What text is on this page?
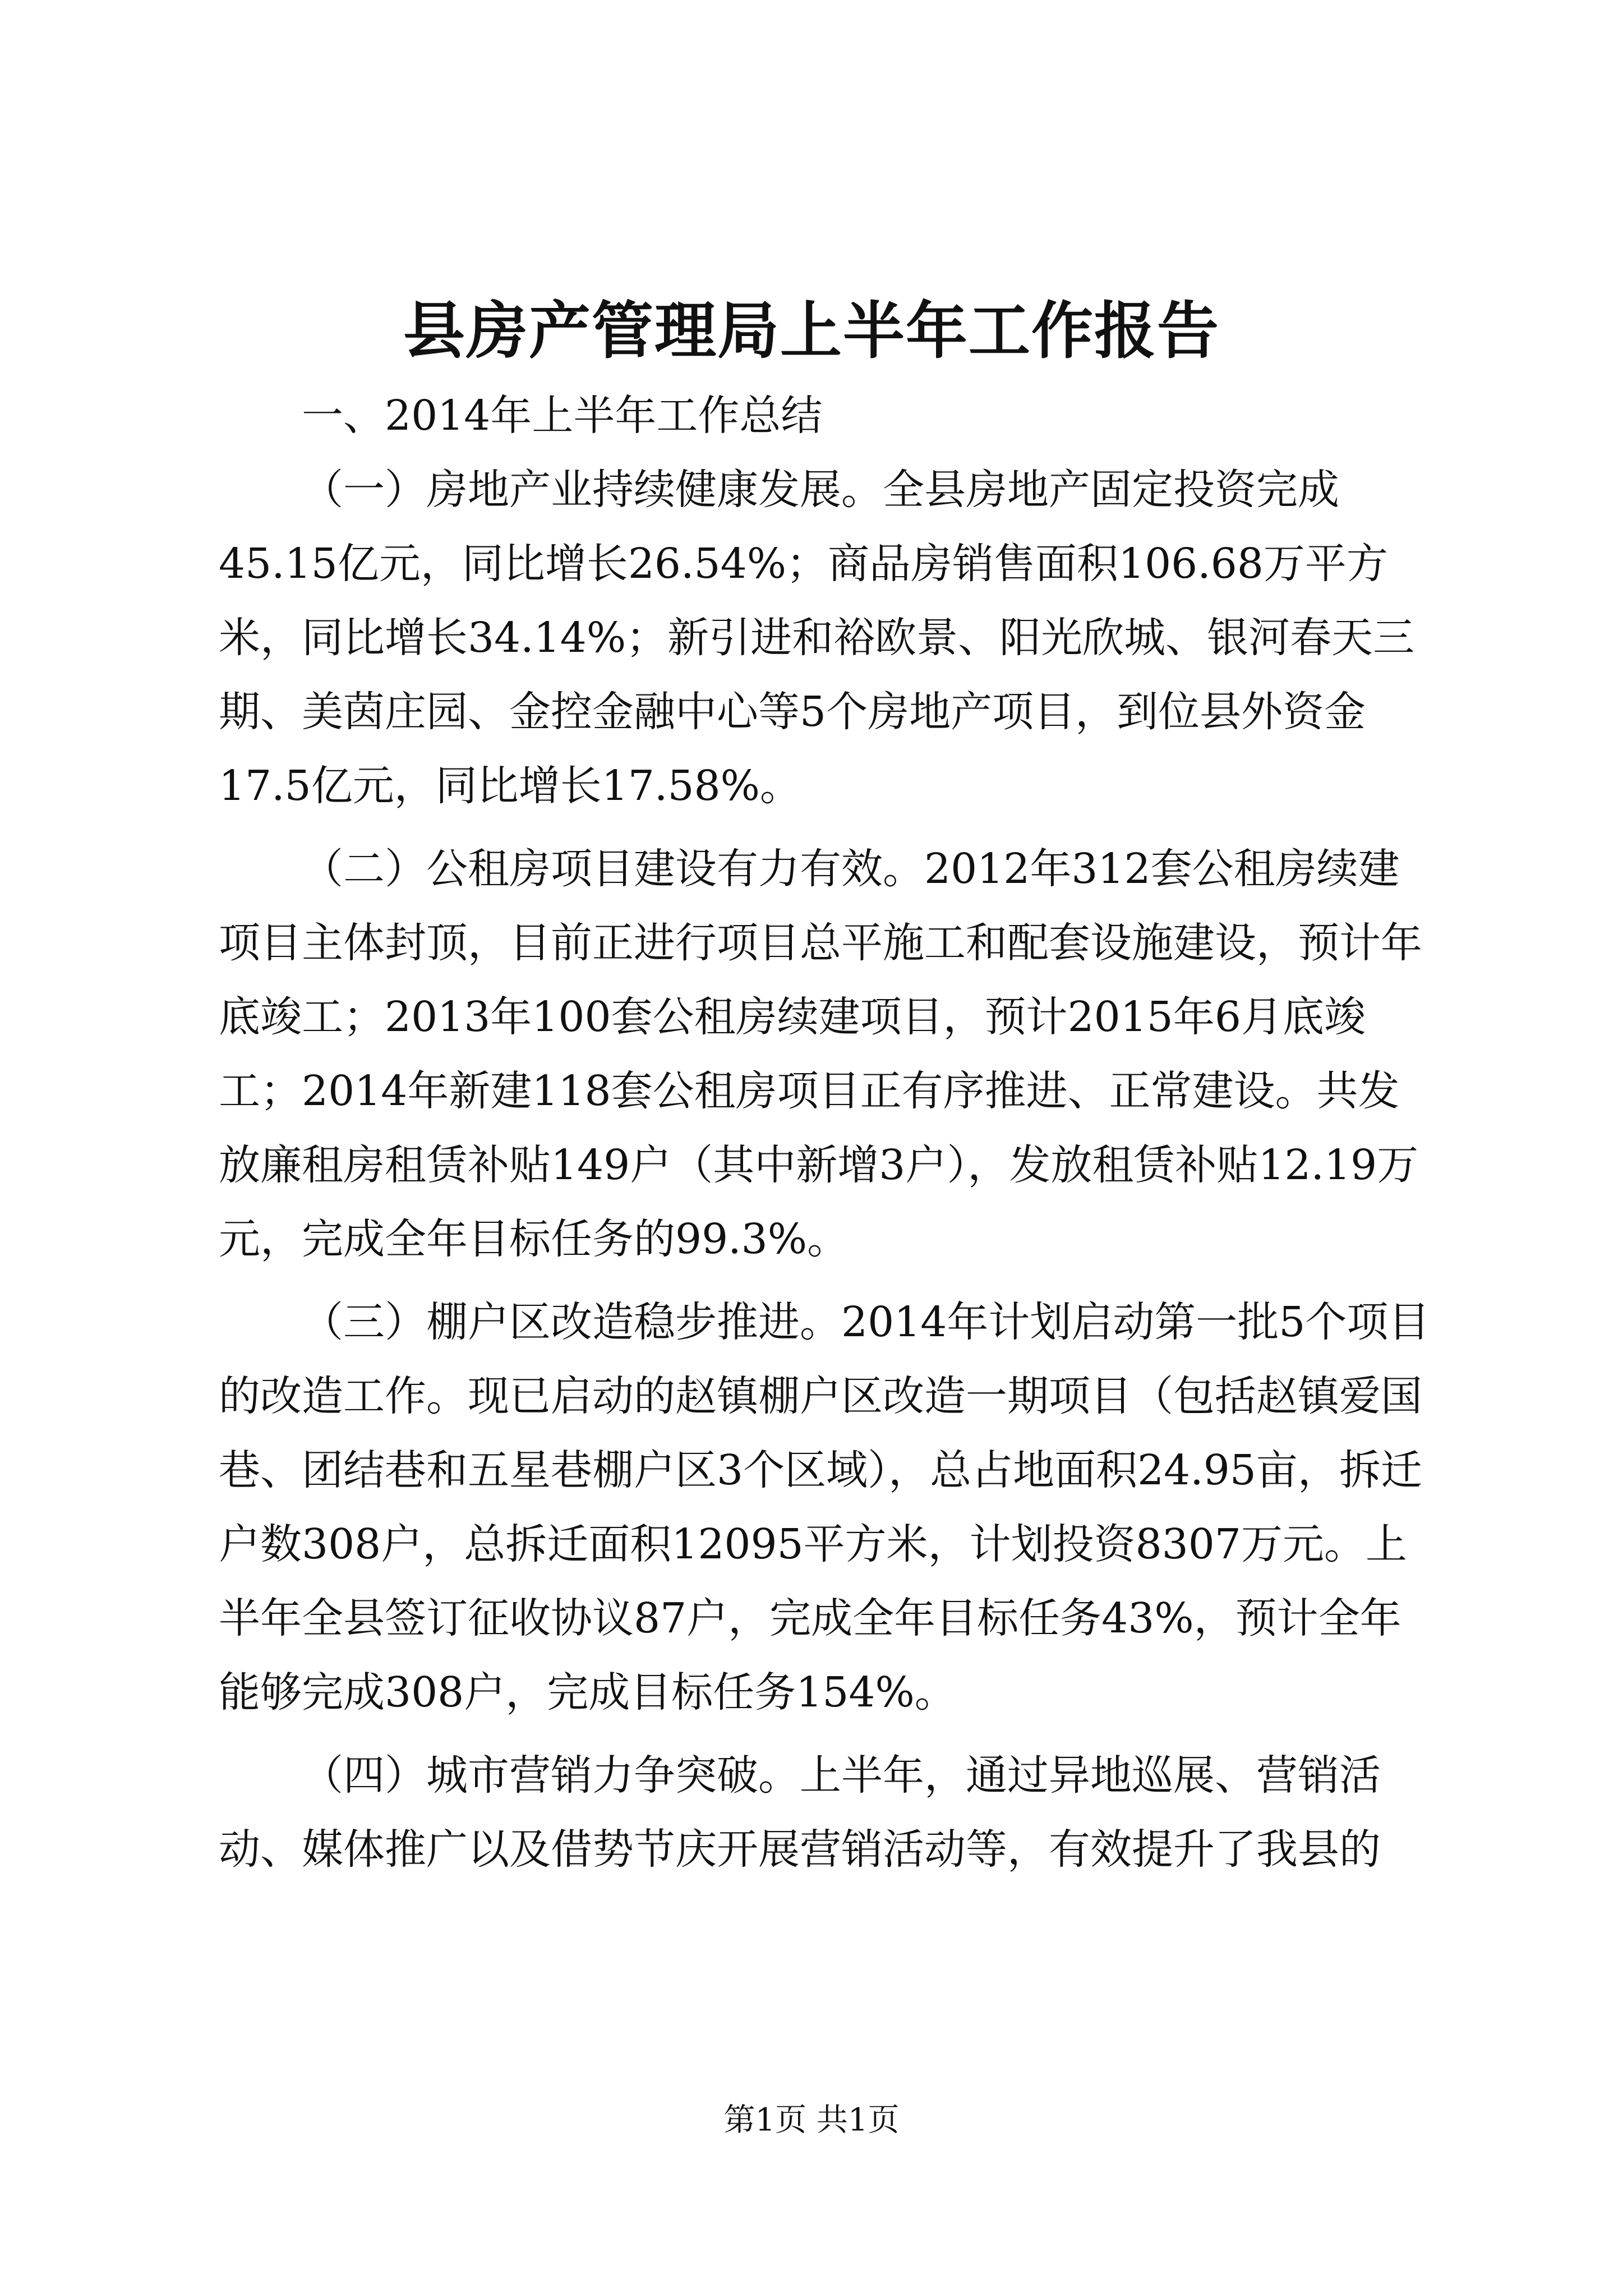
县房产管理局上半年工作报告

一、2014年上半年工作总结

（一）房地产业持续健康发展。全县房地产固定投资完成45.15亿元，同比增长26.54%；商品房销售面积106.68万平方米，同比增长34.14%；新引进和裕欧景、阳光欣城、银河春天三期、美茵庄园、金控金融中心等5个房地产项目，到位县外资金17.5亿元，同比增长17.58%。

（二）公租房项目建设有力有效。2012年312套公租房续建项目主体封顶，目前正进行项目总平施工和配套设施建设，预计年底竣工；2013年100套公租房续建项目，预计2015年6月底竣工；2014年新建118套公租房项目正有序推进、正常建设。共发放廉租房租赁补贴149户（其中新增3户），发放租赁补贴12.19万元，完成全年目标任务的99.3%。

（三）棚户区改造稳步推进。2014年计划启动第一批5个项目的改造工作。现已启动的赵镇棚户区改造一期项目（包括赵镇爱国巷、团结巷和五星巷棚户区3个区域），总占地面积24.95亩，拆迁户数308户，总拆迁面积12095平方米，计划投资8307万元。上半年全县签订征收协议87户，完成全年目标任务43%，预计全年能够完成308户，完成目标任务154%。

（四）城市营销力争突破。上半年，通过异地巡展、营销活动、媒体推广以及借势节庆开展营销活动等，有效提升了我县的

第1页 共1页
